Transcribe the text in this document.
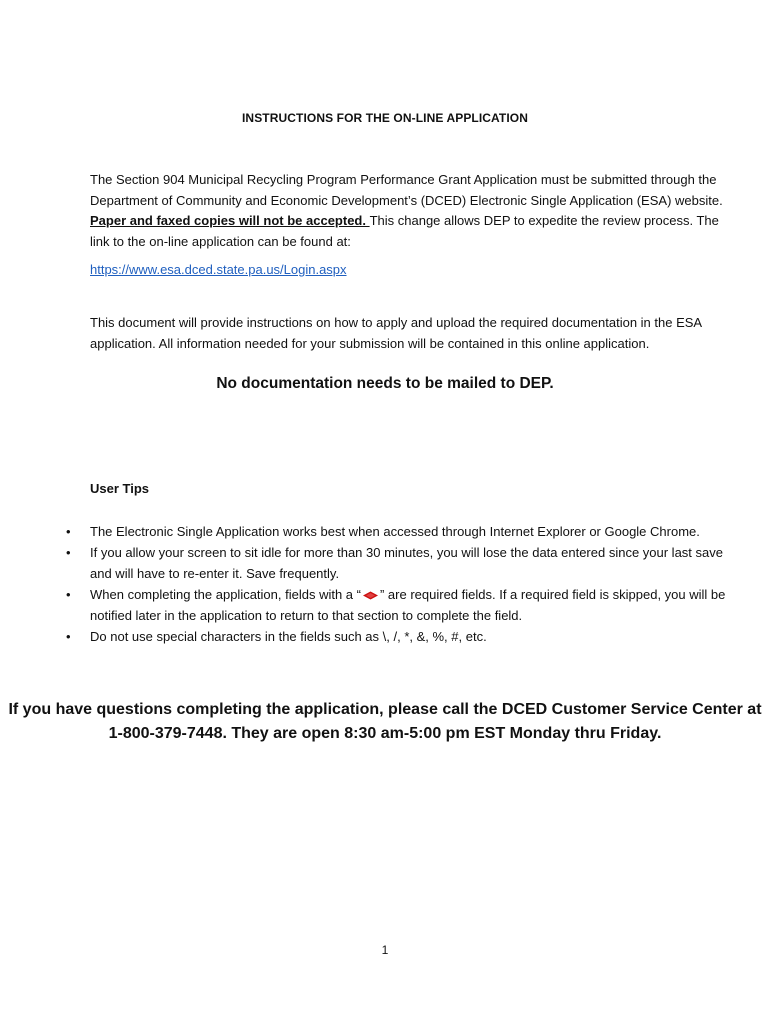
INSTRUCTIONS FOR THE ON-LINE APPLICATION
The Section 904 Municipal Recycling Program Performance Grant Application must be submitted through the Department of Community and Economic Development’s (DCED) Electronic Single Application (ESA) website. Paper and faxed copies will not be accepted. This change allows DEP to expedite the review process. The link to the on-line application can be found at:
https://www.esa.dced.state.pa.us/Login.aspx
This document will provide instructions on how to apply and upload the required documentation in the ESA application. All information needed for your submission will be contained in this online application.
No documentation needs to be mailed to DEP.
User Tips
• The Electronic Single Application works best when accessed through Internet Explorer or Google Chrome.
• If you allow your screen to sit idle for more than 30 minutes, you will lose the data entered since your last save and will have to re-enter it. Save frequently.
• When completing the application, fields with a “ ” are required fields. If a required field is skipped, you will be notified later in the application to return to that section to complete the field.
• Do not use special characters in the fields such as \, /, *, &, %, #, etc.
If you have questions completing the application, please call the DCED Customer Service Center at 1-800-379-7448. They are open 8:30 am-5:00 pm EST Monday thru Friday.
1
